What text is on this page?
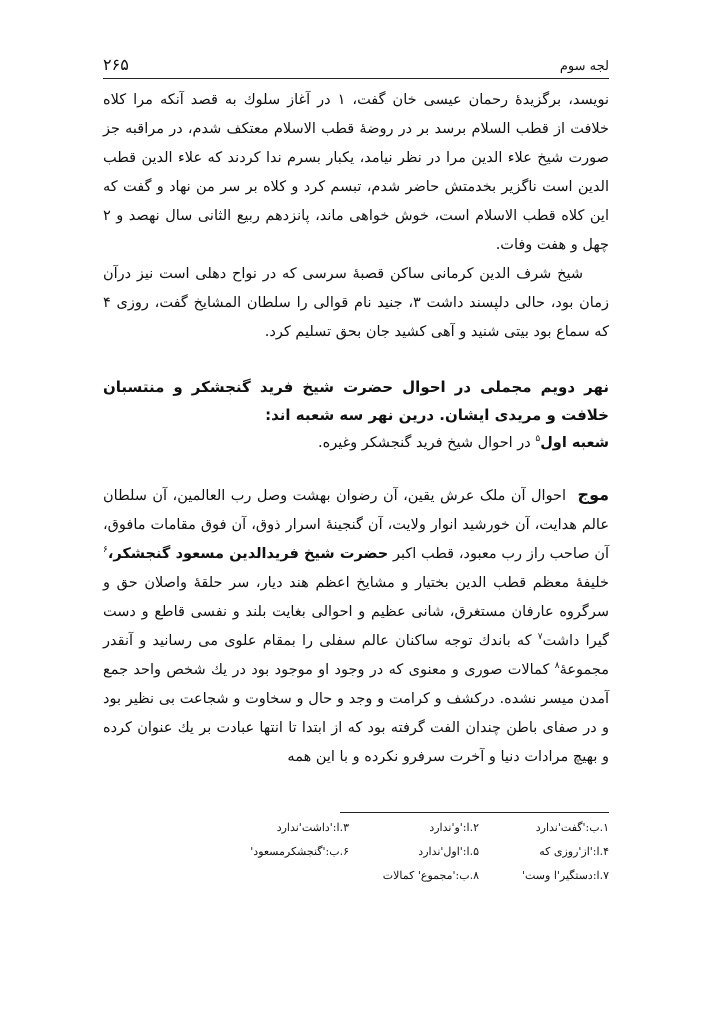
۲۶۵	لجه سوم

نویسد، برگزیدهٔ رحمان عیسی خان گفت، ۱ در آغاز سلوك به قصد آنکه مرا کلاه خلافت از قطب السلام برسد بر در روضهٔ قطب الاسلام معتکف شدم، در مراقبه جز صورت شیخ علاء الدین مرا در نظر نیامد، یکبار بسرم ندا کردند که علاء الدین قطب الدین است ناگزیر بخدمتش حاضر شدم، تبسم کرد و کلاه بر سر من نهاد و گفت که این کلاه قطب الاسلام است، خوش خواهی ماند، پانزدهم ربیع الثانی سال نهصد و ۲ چهل و هفت وفات.

شیخ شرف الدین کرمانی ساکن قصبهٔ سرسی که در نواح دهلی است نیز درآن زمان بود، حالی دلپسند داشت ۳، جنید نام قوالی را سلطان المشایخ گفت، روزی ۴ که سماع بود بیتی شنید و آهی کشید جان بحق تسلیم کرد.

نهر دویم مجملی در احوال حضرت شیخ فرید گنجشکر و منتسبان خلافت و مریدی ایشان. درین نهر سه شعبه اند:

شعبه اول$^۵$ در احوال شیخ فرید گنجشکر وغیره.

موج احوال آن ملک عرش یقین، آن رضوان بهشت وصل رب العالمین، آن سلطان عالم هدایت، آن خورشید انوار ولایت، آن گنجینهٔ اسرار ذوق، آن فوق مقامات مافوق، آن صاحب راز رب معبود، قطب اکبر حضرت شیخ فریدالدین مسعود گنجشکر،$^۶$ خلیفهٔ معظم قطب الدین بختیار و مشایخ اعظم هند دیار، سر حلقهٔ واصلان حق و سرگروه عارفان مستغرق، شانی عظیم و احوالی بغایت بلند و نفسی قاطع و دست گیرا داشت$^۷$ که باندك توجه ساکنان عالم سفلی را بمقام علوی می رسانید و آنقدر مجموعهٔ$^۸$ کمالات صوری و معنوی که در وجود او موجود بود در یك شخص واحد جمع آمدن میسر نشده. درکشف و کرامت و وجد و حال و سخاوت و شجاعت بی نظیر بود و در صفای باطن چندان الفت گرفته بود که از ابتدا تا انتها عبادت بر یك عنوان کرده و بهیچ مرادات دنیا و آخرت سرفرو نکرده و با این همه

۱.ب:'گفت'ندارد
۲.ا:'و'ندارد
۳.ا:'داشت'ندارد
۴.ا:'از'روزی که
۵.ا:'اول'ندارد
۶.ب:'گنجشکرمسعود'
۷.ا:دستگیر'ا وست'
۸.ب:'مجموع' کمالات
